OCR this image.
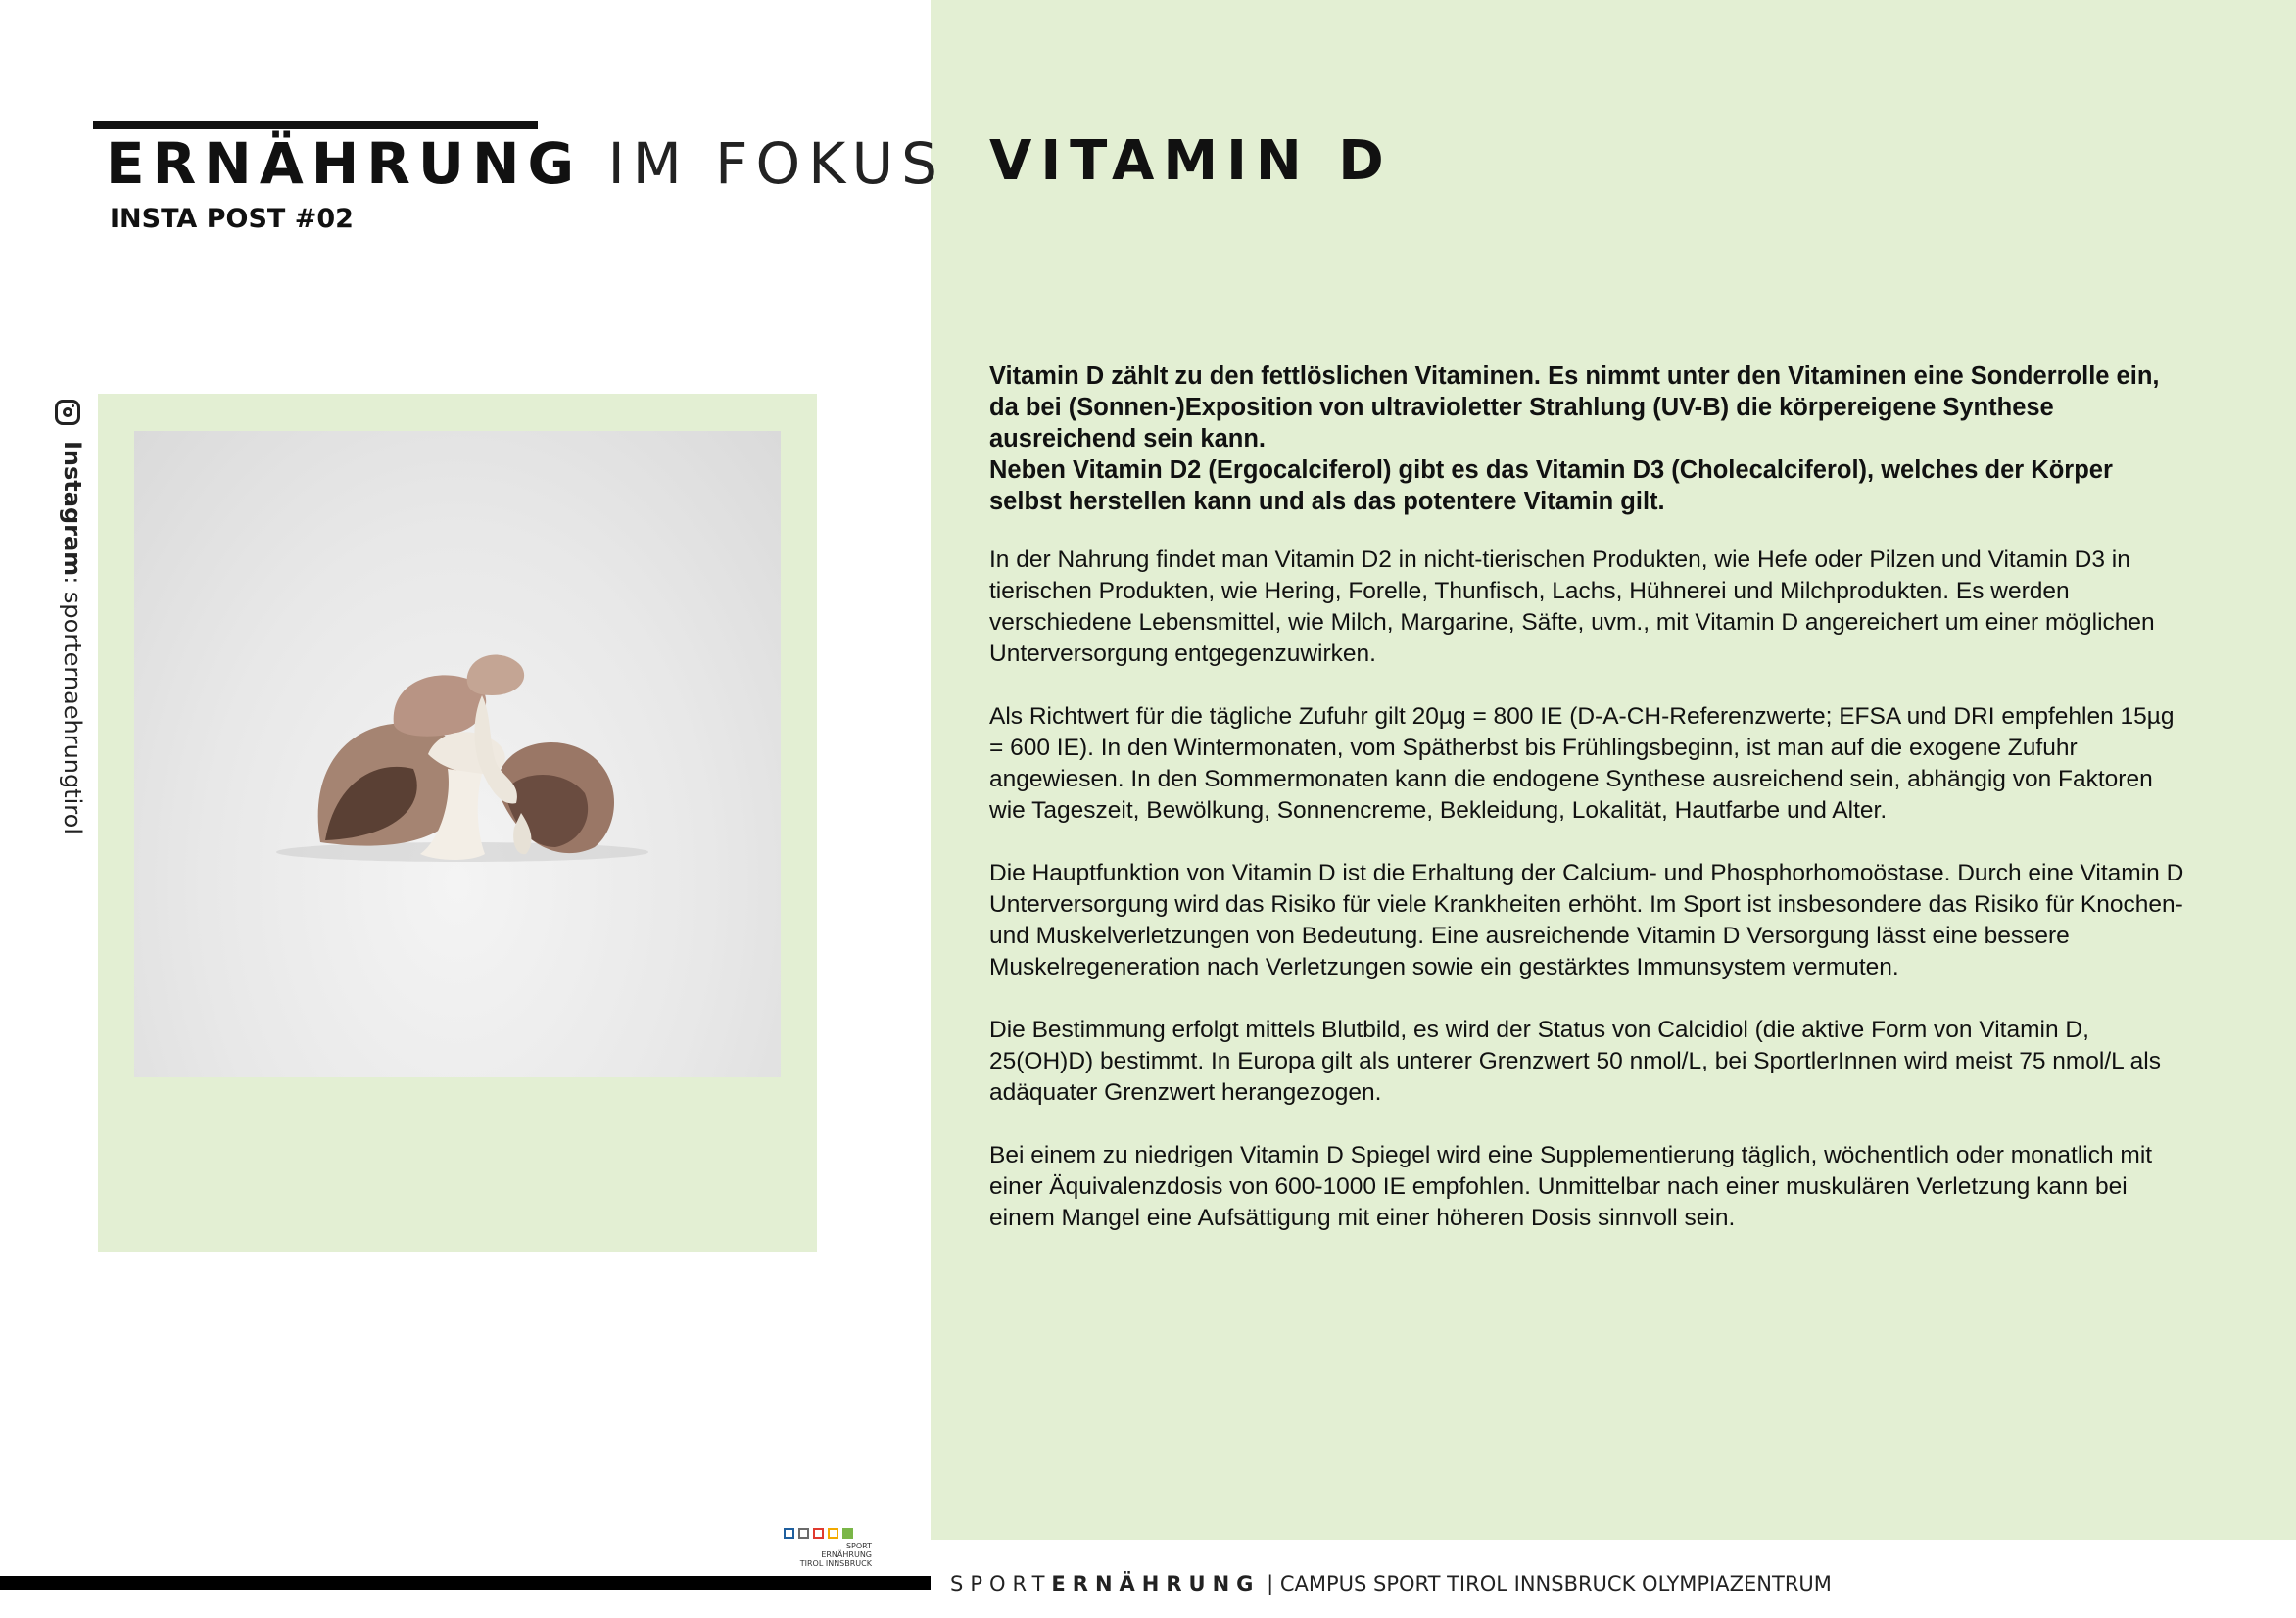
ERNÄHRUNG IM FOKUS
INSTA POST #02
Instagram: sporternaehrungtirol
SPORT
ERNÄHRUNG
TIROL INNSBRUCK
VITAMIN D

Vitamin D zählt zu den fettlöslichen Vitaminen. Es nimmt unter den Vitaminen eine Sonderrolle ein, da bei (Sonnen-)Exposition von ultravioletter Strahlung (UV-B) die körpereigene Synthese ausreichend sein kann.
Neben Vitamin D2 (Ergocalciferol) gibt es das Vitamin D3 (Cholecalciferol), welches der Körper selbst herstellen kann und als das potentere Vitamin gilt.

In der Nahrung findet man Vitamin D2 in nicht-tierischen Produkten, wie Hefe oder Pilzen und Vitamin D3 in tierischen Produkten, wie Hering, Forelle, Thunfisch, Lachs, Hühnerei und Milchprodukten. Es werden verschiedene Lebensmittel, wie Milch, Margarine, Säfte, uvm., mit Vitamin D angereichert um einer möglichen Unterversorgung entgegenzuwirken.

Als Richtwert für die tägliche Zufuhr gilt 20µg = 800 IE (D-A-CH-Referenzwerte; EFSA und DRI empfehlen 15µg = 600 IE). In den Wintermonaten, vom Spätherbst bis Frühlingsbeginn, ist man auf die exogene Zufuhr angewiesen. In den Sommermonaten kann die endogene Synthese ausreichend sein, abhängig von Faktoren wie Tageszeit, Bewölkung, Sonnencreme, Bekleidung, Lokalität, Hautfarbe und Alter.

Die Hauptfunktion von Vitamin D ist die Erhaltung der Calcium- und Phosphorhomoöstase. Durch eine Vitamin D Unterversorgung wird das Risiko für viele Krankheiten erhöht. Im Sport ist insbesondere das Risiko für Knochen- und Muskelverletzungen von Bedeutung. Eine ausreichende Vitamin D Versorgung lässt eine bessere Muskelregeneration nach Verletzungen sowie ein gestärktes Immunsystem vermuten.

Die Bestimmung erfolgt mittels Blutbild, es wird der Status von Calcidiol (die aktive Form von Vitamin D, 25(OH)D) bestimmt. In Europa gilt als unterer Grenzwert 50 nmol/L, bei SportlerInnen wird meist 75 nmol/L als adäquater Grenzwert herangezogen.

Bei einem zu niedrigen Vitamin D Spiegel wird eine Supplementierung täglich, wöchentlich oder monatlich mit einer Äquivalenzdosis von 600-1000 IE empfohlen. Unmittelbar nach einer muskulären Verletzung kann bei einem Mangel eine Aufsättigung mit einer höheren Dosis sinnvoll sein.

SPORTERNÄHRUNG | CAMPUS SPORT TIROL INNSBRUCK OLYMPIAZENTRUM
